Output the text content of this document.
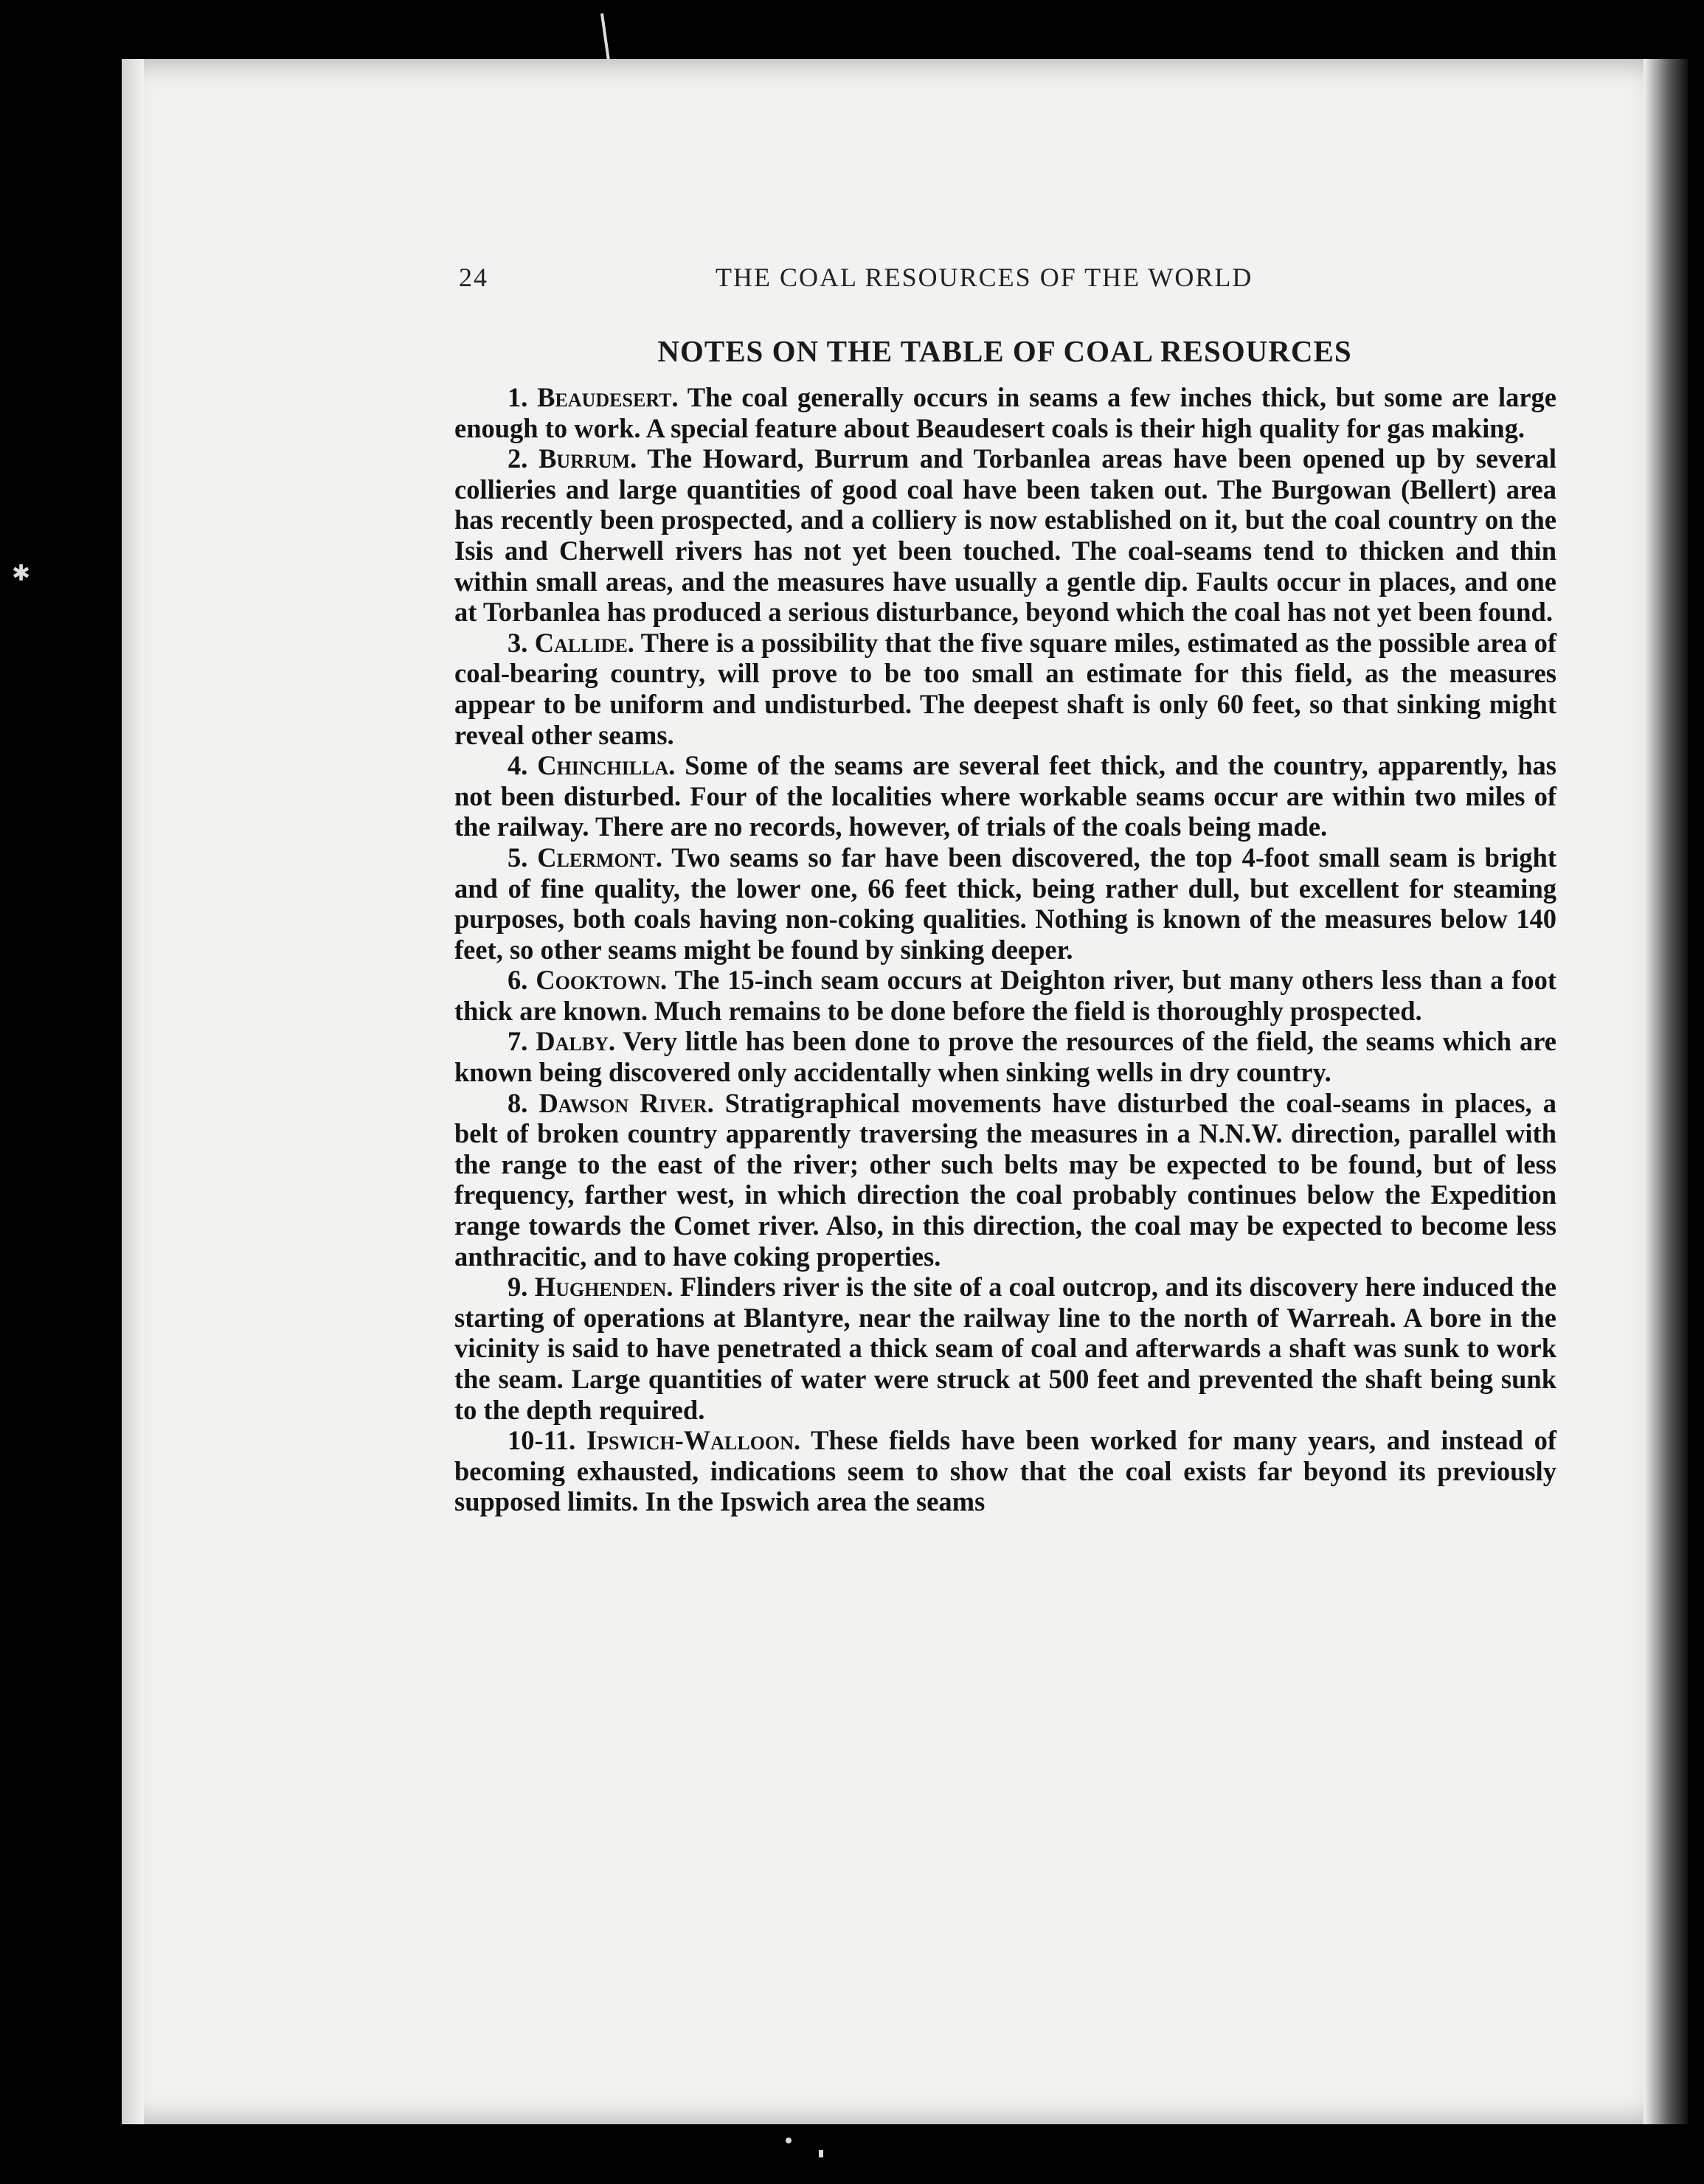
✱
24	THE COAL RESOURCES OF THE WORLD
NOTES ON THE TABLE OF COAL RESOURCES

1. Beaudesert. The coal generally occurs in seams a few inches thick, but some are large enough to work. A special feature about Beaudesert coals is their high quality for gas making.

2. Burrum. The Howard, Burrum and Torbanlea areas have been opened up by several collieries and large quantities of good coal have been taken out. The Burgowan (Bellert) area has recently been prospected, and a colliery is now established on it, but the coal country on the Isis and Cherwell rivers has not yet been touched. The coal-seams tend to thicken and thin within small areas, and the measures have usually a gentle dip. Faults occur in places, and one at Torbanlea has produced a serious disturbance, beyond which the coal has not yet been found.

3. Callide. There is a possibility that the five square miles, estimated as the possible area of coal-bearing country, will prove to be too small an estimate for this field, as the measures appear to be uniform and undisturbed. The deepest shaft is only 60 feet, so that sinking might reveal other seams.

4. Chinchilla. Some of the seams are several feet thick, and the country, apparently, has not been disturbed. Four of the localities where workable seams occur are within two miles of the railway. There are no records, however, of trials of the coals being made.

5. Clermont. Two seams so far have been discovered, the top 4-foot small seam is bright and of fine quality, the lower one, 66 feet thick, being rather dull, but excellent for steaming purposes, both coals having non-coking qualities. Nothing is known of the measures below 140 feet, so other seams might be found by sinking deeper.

6. Cooktown. The 15-inch seam occurs at Deighton river, but many others less than a foot thick are known. Much remains to be done before the field is thoroughly prospected.

7. Dalby. Very little has been done to prove the resources of the field, the seams which are known being discovered only accidentally when sinking wells in dry country.

8. Dawson River. Stratigraphical movements have disturbed the coal-seams in places, a belt of broken country apparently traversing the measures in a N.N.W. direction, parallel with the range to the east of the river; other such belts may be expected to be found, but of less frequency, farther west, in which direction the coal probably continues below the Expedition range towards the Comet river. Also, in this direction, the coal may be expected to become less anthracitic, and to have coking properties.

9. Hughenden. Flinders river is the site of a coal outcrop, and its discovery here induced the starting of operations at Blantyre, near the railway line to the north of Warreah. A bore in the vicinity is said to have penetrated a thick seam of coal and afterwards a shaft was sunk to work the seam. Large quantities of water were struck at 500 feet and prevented the shaft being sunk to the depth required.

10-11. Ipswich-Walloon. These fields have been worked for many years, and instead of becoming exhausted, indications seem to show that the coal exists far beyond its previously supposed limits. In the Ipswich area the seams
